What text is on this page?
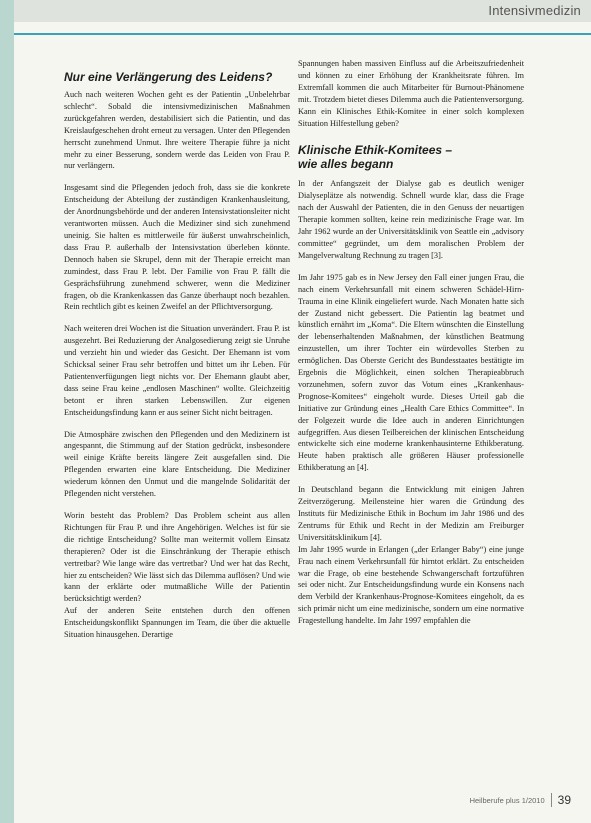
Intensivmedizin
Nur eine Verlängerung des Leidens?

Auch nach weiteren Wochen geht es der Patientin „Unbelehrbar schlecht“. Sobald die intensivmedizinischen Maßnahmen zurückgefahren werden, destabilisiert sich die Patientin, und das Kreislaufgeschehen droht erneut zu versagen. Unter den Pflegenden herrscht zunehmend Unmut. Ihre weitere Therapie führe ja nicht mehr zu einer Besserung, sondern werde das Leiden von Frau P. nur verlängern.

Insgesamt sind die Pflegenden jedoch froh, dass sie die konkrete Entscheidung der Abteilung der zuständigen Krankenhausleitung, der Anordnungsbehörde und der anderen Intensivstationsleiter nicht verantworten müssen. Auch die Mediziner sind sich zunehmend uneinig. Sie halten es mittlerweile für äußerst unwahrscheinlich, dass Frau P. außerhalb der Intensivstation überleben könnte. Dennoch haben sie Skrupel, denn mit der Therapie erreicht man zumindest, dass Frau P. lebt. Der Familie von Frau P. fällt die Gesprächsführung zunehmend schwerer, wenn die Mediziner fragen, ob die Krankenkassen das Ganze überhaupt noch bezahlen. Rein rechtlich gibt es keinen Zweifel an der Pflichtversorgung.

Nach weiteren drei Wochen ist die Situation unverändert. Frau P. ist ausgezehrt. Bei Reduzierung der Analgosedierung zeigt sie Unruhe und verzieht hin und wieder das Gesicht. Der Ehemann ist vom Schicksal seiner Frau sehr betroffen und bittet um ihr Leben. Für Patientenverfügungen liegt nichts vor. Der Ehemann glaubt aber, dass seine Frau keine „endlosen Maschinen“ wollte. Gleichzeitig betont er ihren starken Lebenswillen. Zur eigenen Entscheidungsfindung kann er aus seiner Sicht nicht beitragen.

Die Atmosphäre zwischen den Pflegenden und den Medizinern ist angespannt, die Stimmung auf der Station gedrückt, insbesondere weil einige Kräfte bereits längere Zeit ausgefallen sind. Die Pflegenden erwarten eine klare Entscheidung. Die Mediziner wiederum können den Unmut und die mangelnde Solidarität der Pflegenden nicht verstehen.

Worin besteht das Problem? Das Problem scheint aus allen Richtungen für Frau P. und ihre Angehörigen. Welches ist für sie die richtige Entscheidung? Sollte man weitermit vollem Einsatz therapieren? Oder ist die Einschränkung der Therapie ethisch vertretbar? Wie lange wäre das vertretbar? Und wer hat das Recht, hier zu entscheiden? Wie lässt sich das Dilemma auflösen? Und wie kann der erklärte oder mutmaßliche Wille der Patientin berücksichtigt werden?

Auf der anderen Seite entstehen durch den offenen Entscheidungskonflikt Spannungen im Team, die über die aktuelle Situation hinausgehen. Derartige

Spannungen haben massiven Einfluss auf die Arbeitszufriedenheit und können zu einer Erhöhung der Krankheitsrate führen. Im Extremfall kommen die auch Mitarbeiter für Burnout-Phänomene mit. Trotzdem bietet dieses Dilemma auch die Patientenversorgung. Kann ein Klinisches Ethik-Komitee in einer solch komplexen Situation Hilfestellung geben?

Klinische Ethik-Komitees –
wie alles begann

In der Anfangszeit der Dialyse gab es deutlich weniger Dialyseplätze als notwendig. Schnell wurde klar, dass die Frage nach der Auswahl der Patienten, die in den Genuss der neuartigen Therapie kommen sollten, keine rein medizinische Frage war. Im Jahr 1962 wurde an der Universitätsklinik von Seattle ein „advisory committee“ gegründet, um dem moralischen Problem der Mangelverwaltung Rechnung zu tragen [3].

Im Jahr 1975 gab es in New Jersey den Fall einer jungen Frau, die nach einem Verkehrsunfall mit einem schweren Schädel-Hirn-Trauma in eine Klinik eingeliefert wurde. Nach Monaten hatte sich der Zustand nicht gebessert. Die Patientin lag beatmet und künstlich ernährt im „Koma“. Die Eltern wünschten die Einstellung der lebenserhaltenden Maßnahmen, der künstlichen Beatmung einzustellen, um ihrer Tochter ein würdevolles Sterben zu ermöglichen. Das Oberste Gericht des Bundesstaates bestätigte im Ergebnis die Möglichkeit, einen solchen Therapieabbruch vorzunehmen, sofern zuvor das Votum eines „Krankenhaus-Prognose-Komitees“ eingeholt wurde. Dieses Urteil gab die Initiative zur Gründung eines „Health Care Ethics Committee“. In der Folgezeit wurde die Idee auch in anderen Einrichtungen aufgegriffen. Aus diesen Teilbereichen der klinischen Entscheidung entwickelte sich eine moderne krankenhausinterne Ethikberatung. Heute haben praktisch alle größeren Häuser professionelle Ethikberatung an [4].

In Deutschland begann die Entwicklung mit einigen Jahren Zeitverzögerung. Meilensteine hier waren die Gründung des Instituts für Medizinische Ethik in Bochum im Jahr 1986 und des Zentrums für Ethik und Recht in der Medizin am Freiburger Universitätsklinikum [4].

Im Jahr 1995 wurde in Erlangen („der Erlanger Baby“) eine junge Frau nach einem Verkehrsunfall für hirntot erklärt. Zu entscheiden war die Frage, ob eine bestehende Schwangerschaft fortzuführen sei oder nicht. Zur Entscheidungsfindung wurde ein Konsens nach dem Verbild der Krankenhaus-Prognose-Komitees eingeholt, da es sich primär nicht um eine medizinische, sondern um eine normative Fragestellung handelte. Im Jahr 1997 empfahlen die

Heilberufe plus 1/2010 39
